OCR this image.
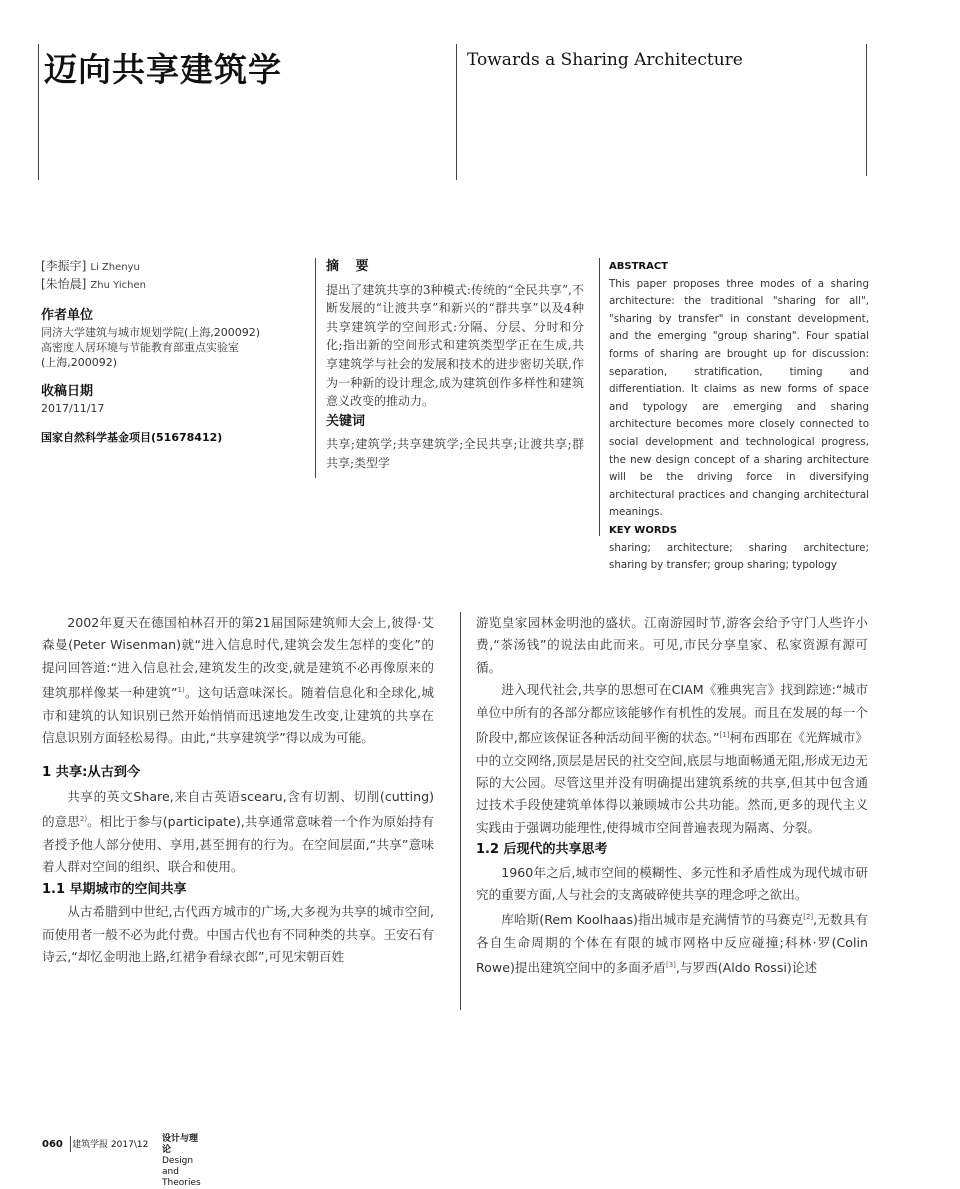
迈向共享建筑学	Towards a Sharing Architecture
[李振宇] Li Zhenyu
[朱怡晨] Zhu Yichen
作者单位

同济大学建筑与城市规划学院(上海,200092)

高密度人居环境与节能教育部重点实验室

(上海,200092)

收稿日期

2017/11/17

国家自然科学基金项目(51678412)

摘 要

提出了建筑共享的3种模式:传统的“全民共享”,不断发展的“让渡共享”和新兴的“群共享”以及4种共享建筑学的空间形式:分隔、分层、分时和分化;指出新的空间形式和建筑类型学正在生成,共享建筑学与社会的发展和技术的进步密切关联,作为一种新的设计理念,成为建筑创作多样性和建筑意义改变的推动力。

关键词

共享;建筑学;共享建筑学;全民共享;让渡共享;群共享;类型学

ABSTRACT

This paper proposes three modes of a sharing architecture: the traditional "sharing for all", "sharing by transfer" in constant development, and the emerging "group sharing". Four spatial forms of sharing are brought up for discussion: separation, stratification, timing and differentiation. It claims as new forms of space and typology are emerging and sharing architecture becomes more closely connected to social development and technological progress, the new design concept of a sharing architecture will be the driving force in diversifying architectural practices and changing architectural meanings.

KEY WORDS

sharing; architecture; sharing architecture; sharing by transfer; group sharing; typology

2002年夏天在德国柏林召开的第21届国际建筑师大会上,彼得·艾森曼(Peter Wisenman)就“进入信息时代,建筑会发生怎样的变化”的提问回答道:“进入信息社会,建筑发生的改变,就是建筑不必再像原来的建筑那样像某一种建筑”$^{1)}$。这句话意味深长。随着信息化和全球化,城市和建筑的认知识别已然开始悄悄而迅速地发生改变,让建筑的共享在信息识别方面轻松易得。由此,“共享建筑学”得以成为可能。

1 共享:从古到今

共享的英文Share,来自古英语scearu,含有切割、切削(cutting)的意思$^{2)}$。相比于参与(participate),共享通常意味着一个作为原始持有者授予他人部分使用、享用,甚至拥有的行为。在空间层面,“共享”意味着人群对空间的组织、联合和使用。

1.1 早期城市的空间共享

从古希腊到中世纪,古代西方城市的广场,大多视为共享的城市空间,而使用者一般不必为此付费。中国古代也有不同种类的共享。王安石有诗云,“却忆金明池上路,红裙争看绿衣郎”,可见宋朝百姓

游览皇家园林金明池的盛状。江南游园时节,游客会给予守门人些许小费,“茶汤钱”的说法由此而来。可见,市民分享皇家、私家资源有源可循。

进入现代社会,共享的思想可在CIAM《雅典宪言》找到踪迹:“城市单位中所有的各部分都应该能够作有机性的发展。而且在发展的每一个阶段中,都应该保证各种活动间平衡的状态。”[1]柯布西耶在《光辉城市》中的立交网络,顶层是居民的社交空间,底层与地面畅通无阻,形成无边无际的大公园。尽管这里并没有明确提出建筑系统的共享,但其中包含通过技术手段使建筑单体得以兼顾城市公共功能。然而,更多的现代主义实践由于强调功能理性,使得城市空间普遍表现为隔离、分裂。

1.2 后现代的共享思考

1960年之后,城市空间的模糊性、多元性和矛盾性成为现代城市研究的重要方面,人与社会的支离破碎使共享的理念呼之欲出。

库哈斯(Rem Koolhaas)指出城市是充满情节的马赛克[2],无数具有各自生命周期的个体在有限的城市网格中反应碰撞;科林·罗(Colin Rowe)提出建筑空间中的多面矛盾[3],与罗西(Aldo Rossi)论述

060 建筑学报 2017\12
设计与理论
Design and Theories
